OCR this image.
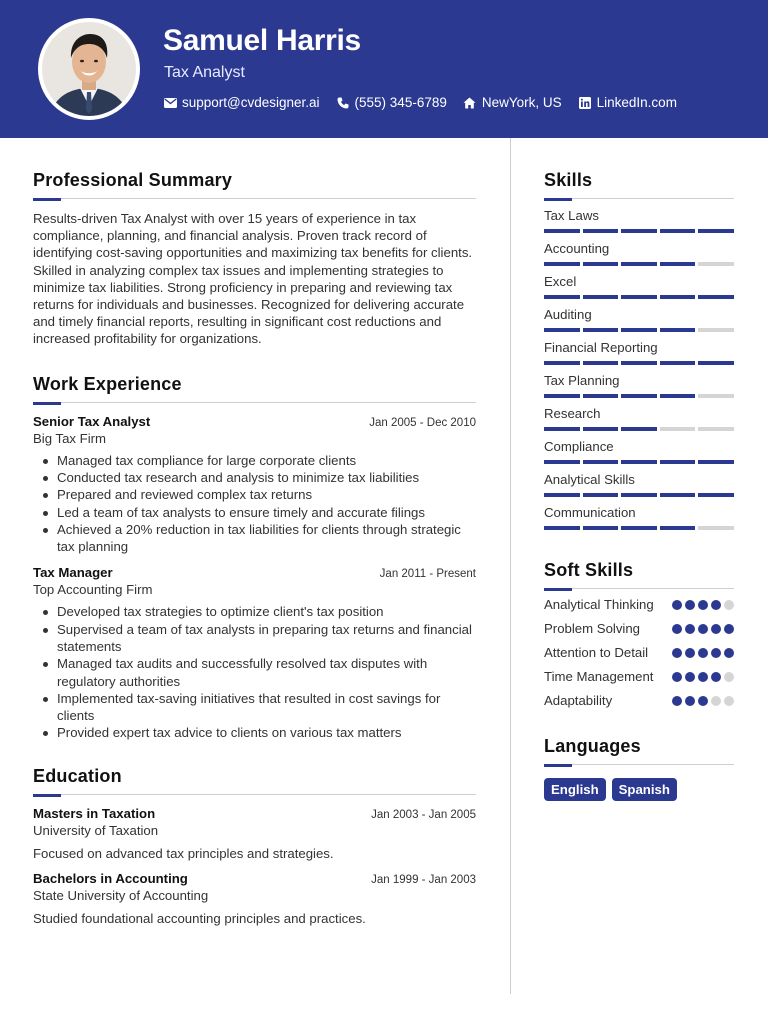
Samuel Harris
Tax Analyst
support@cvdesigner.ai	(555) 345-6789	NewYork, US	LinkedIn.com
Professional Summary

Results-driven Tax Analyst with over 15 years of experience in tax compliance, planning, and financial analysis. Proven track record of identifying cost-saving opportunities and maximizing tax benefits for clients. Skilled in analyzing complex tax issues and implementing strategies to minimize tax liabilities. Strong proficiency in preparing and reviewing tax returns for individuals and businesses. Recognized for delivering accurate and timely financial reports, resulting in significant cost reductions and increased profitability for organizations.

Work Experience
Senior Tax Analyst	Jan 2005 - Dec 2010
Big Tax Firm
Managed tax compliance for large corporate clients
Conducted tax research and analysis to minimize tax liabilities
Prepared and reviewed complex tax returns
Led a team of tax analysts to ensure timely and accurate filings
Achieved a 20% reduction in tax liabilities for clients through strategic tax planning
Tax Manager	Jan 2011 - Present
Top Accounting Firm
Developed tax strategies to optimize client's tax position
Supervised a team of tax analysts in preparing tax returns and financial statements
Managed tax audits and successfully resolved tax disputes with regulatory authorities
Implemented tax-saving initiatives that resulted in cost savings for clients
Provided expert tax advice to clients on various tax matters
Education
Masters in Taxation	Jan 2003 - Jan 2005
University of Taxation
Focused on advanced tax principles and strategies.
Bachelors in Accounting	Jan 1999 - Jan 2003
State University of Accounting
Studied foundational accounting principles and practices.
Skills
Tax Laws
Accounting
Excel
Auditing
Financial Reporting
Tax Planning
Research
Compliance
Analytical Skills
Communication
Soft Skills
Analytical Thinking
Problem Solving
Attention to Detail
Time Management
Adaptability
Languages
English	Spanish
